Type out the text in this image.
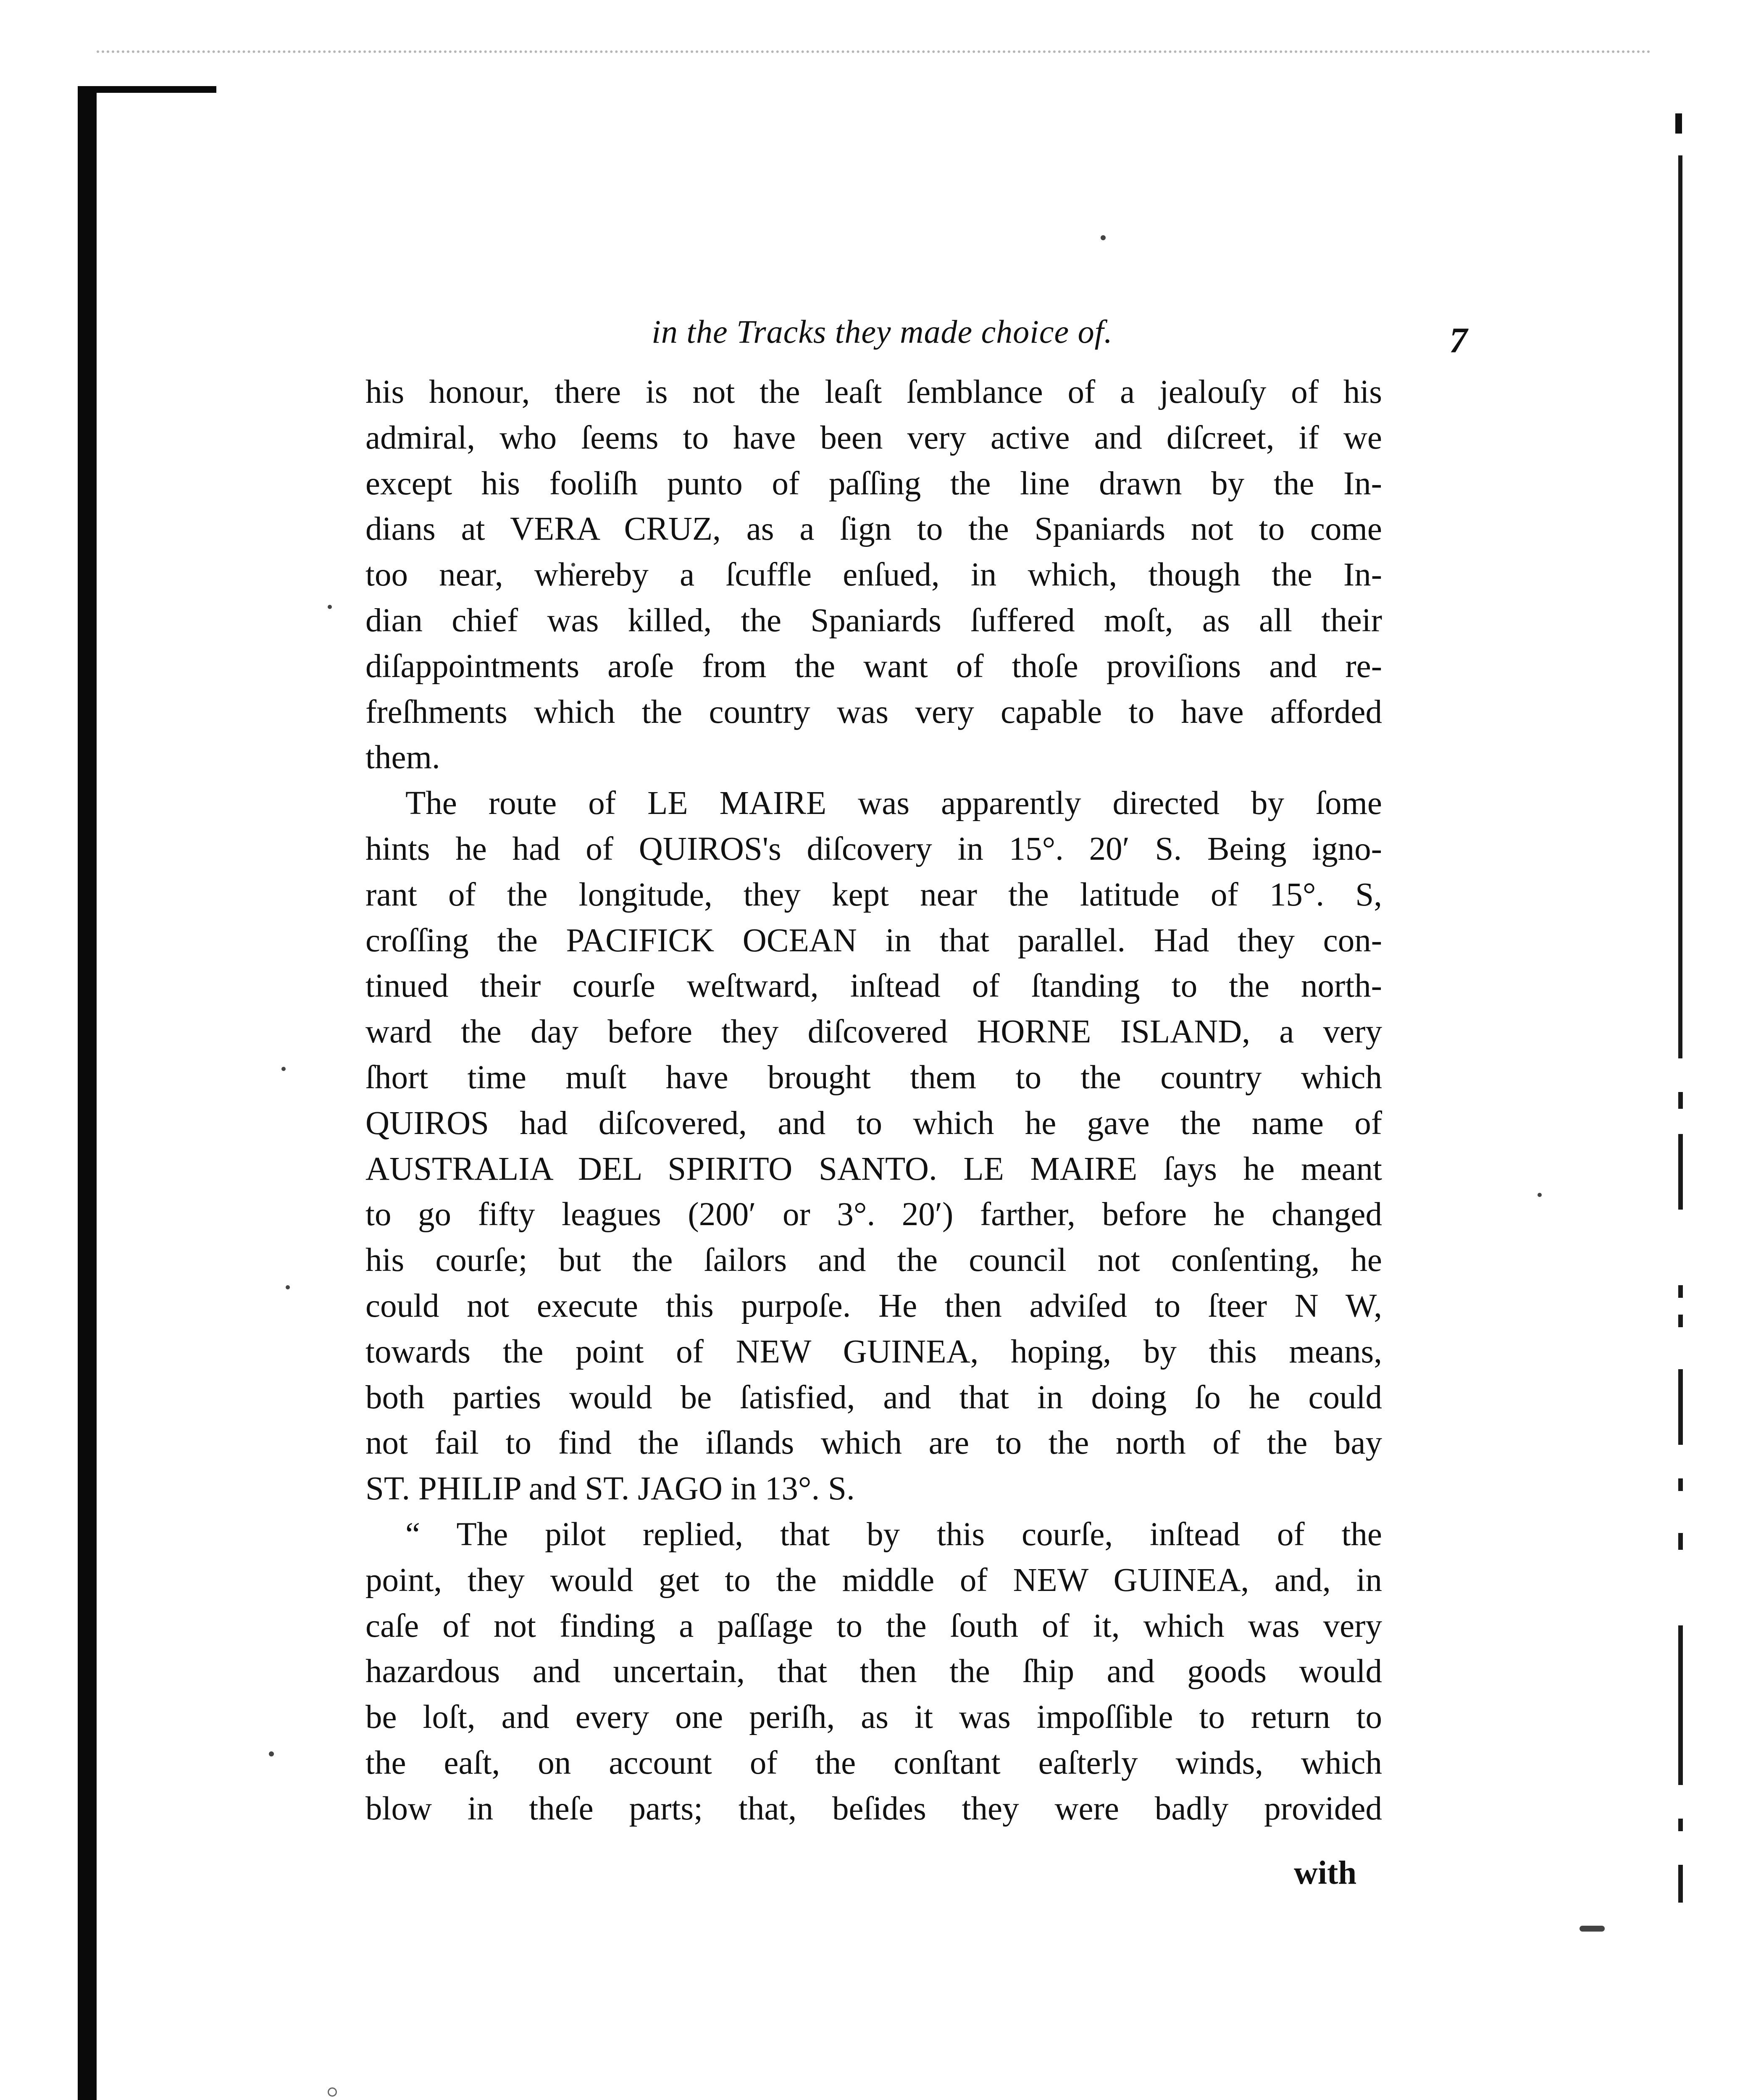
in the Tracks they made choice of.	7
his honour, there is not the leaſt ſemblance of a jealouſy of his
admiral, who ſeems to have been very active and diſcreet, if we
except his fooliſh punto of paſſing the line drawn by the In-
dians at VERA CRUZ, as a ſign to the Spaniards not to come
too near, whereby a ſcuffle enſued, in which, though the In-
dian chief was killed, the Spaniards ſuffered moſt, as all their
diſappointments aroſe from the want of thoſe proviſions and re-
freſhments which the country was very capable to have afforded
them.
The route of LE MAIRE was apparently directed by ſome
hints he had of QUIROS's diſcovery in 15°. 20′ S. Being igno-
rant of the longitude, they kept near the latitude of 15°. S,
croſſing the PACIFICK OCEAN in that parallel. Had they con-
tinued their courſe weſtward, inſtead of ſtanding to the north-
ward the day before they diſcovered HORNE ISLAND, a very
ſhort time muſt have brought them to the country which
QUIROS had diſcovered, and to which he gave the name of
AUSTRALIA DEL SPIRITO SANTO. LE MAIRE ſays he meant
to go fifty leagues (200′ or 3°. 20′) farther, before he changed
his courſe; but the ſailors and the council not conſenting, he
could not execute this purpoſe. He then adviſed to ſteer N W,
towards the point of NEW GUINEA, hoping, by this means,
both parties would be ſatisfied, and that in doing ſo he could
not fail to find the iſlands which are to the north of the bay
ST. PHILIP and ST. JAGO in 13°. S.
“ The pilot replied, that by this courſe, inſtead of the
point, they would get to the middle of NEW GUINEA, and, in
caſe of not finding a paſſage to the ſouth of it, which was very
hazardous and uncertain, that then the ſhip and goods would
be loſt, and every one periſh, as it was impoſſible to return to
the eaſt, on account of the conſtant eaſterly winds, which
blow in theſe parts; that, beſides they were badly provided
with
